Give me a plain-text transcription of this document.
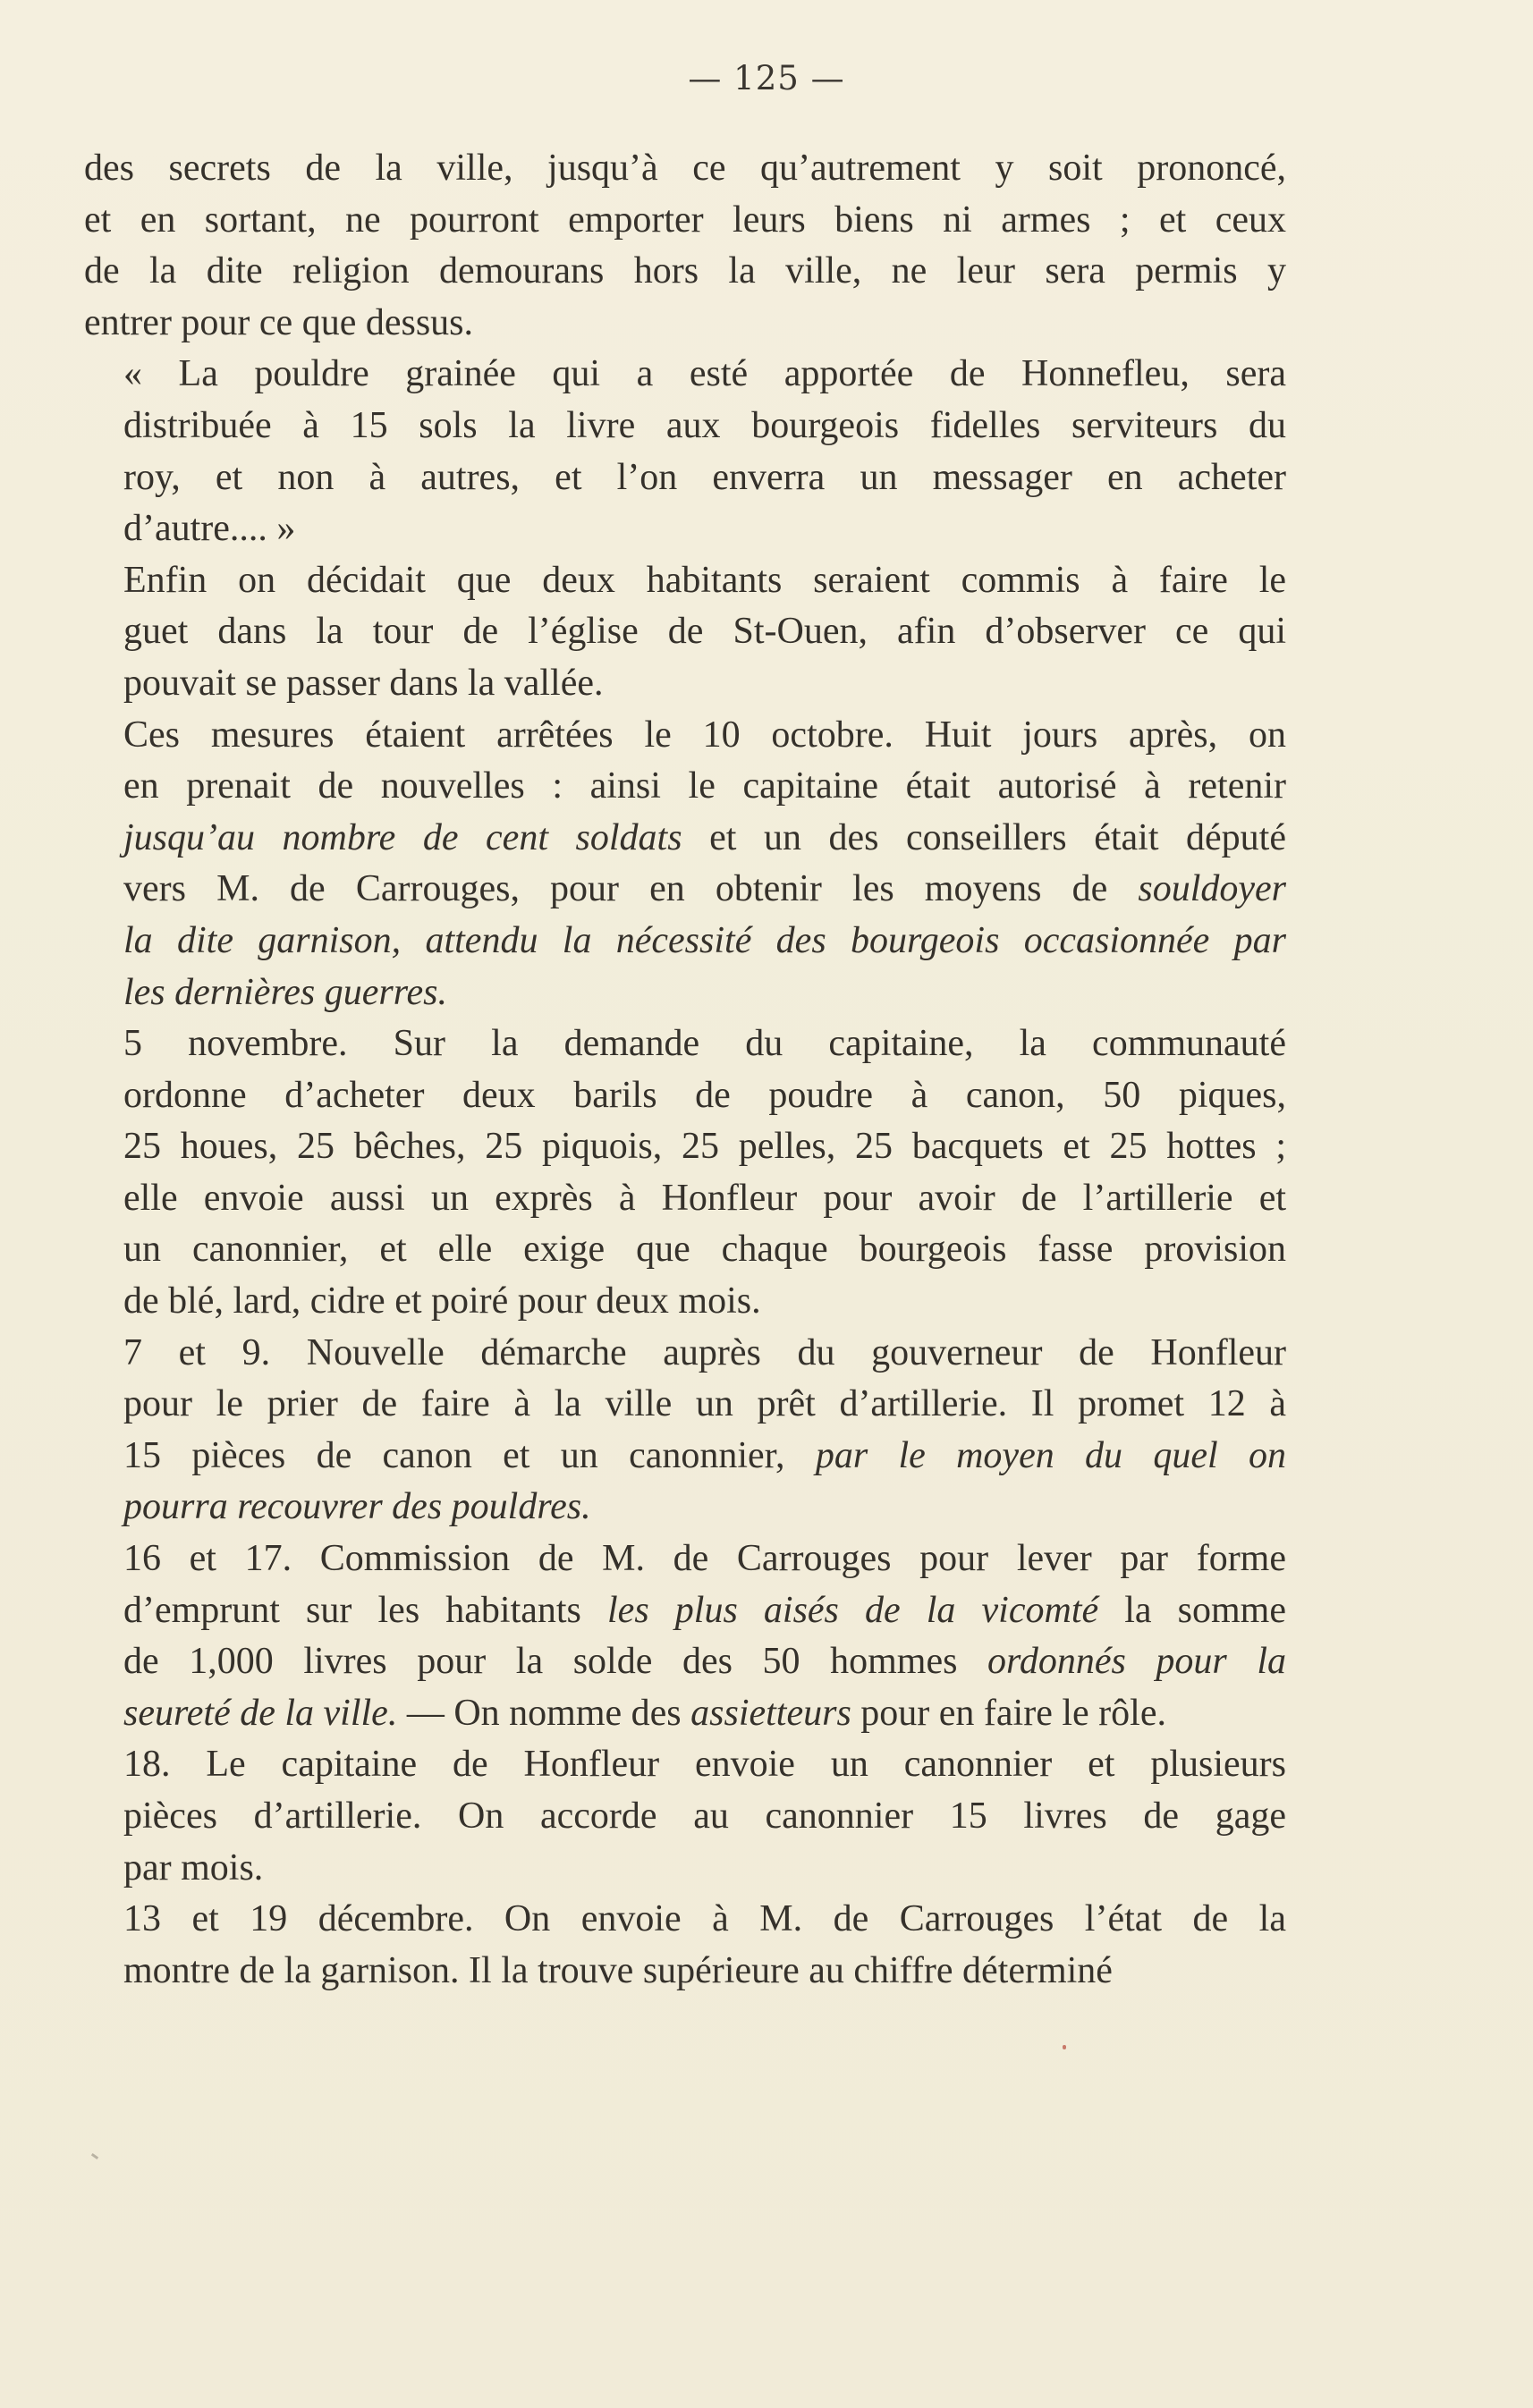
— 125 —
des secrets de la ville, jusqu’à ce qu’autrement y soit prononcé,
et en sortant, ne pourront emporter leurs biens ni armes ; et ceux
de la dite religion demourans hors la ville, ne leur sera permis y
entrer pour ce que dessus.
« La pouldre grainée qui a esté apportée de Honnefleu, sera
distribuée à 15 sols la livre aux bourgeois fidelles serviteurs du
roy, et non à autres, et l’on enverra un messager en acheter
d’autre.... »
Enfin on décidait que deux habitants seraient commis à faire le
guet dans la tour de l’église de St-Ouen, afin d’observer ce qui
pouvait se passer dans la vallée.
Ces mesures étaient arrêtées le 10 octobre. Huit jours après, on
en prenait de nouvelles : ainsi le capitaine était autorisé à retenir
jusqu’au nombre de cent soldats et un des conseillers était député
vers M. de Carrouges, pour en obtenir les moyens de souldoyer
la dite garnison, attendu la nécessité des bourgeois occasionnée par
les dernières guerres.
5 novembre. Sur la demande du capitaine, la communauté
ordonne d’acheter deux barils de poudre à canon, 50 piques,
25 houes, 25 bêches, 25 piquois, 25 pelles, 25 bacquets et 25 hottes ;
elle envoie aussi un exprès à Honfleur pour avoir de l’artillerie et
un canonnier, et elle exige que chaque bourgeois fasse provision
de blé, lard, cidre et poiré pour deux mois.
7 et 9. Nouvelle démarche auprès du gouverneur de Honfleur
pour le prier de faire à la ville un prêt d’artillerie. Il promet 12 à
15 pièces de canon et un canonnier, par le moyen du quel on
pourra recouvrer des pouldres.
16 et 17. Commission de M. de Carrouges pour lever par forme
d’emprunt sur les habitants les plus aisés de la vicomté la somme
de 1,000 livres pour la solde des 50 hommes ordonnés pour la
seureté de la ville. — On nomme des assietteurs pour en faire le rôle.
18. Le capitaine de Honfleur envoie un canonnier et plusieurs
pièces d’artillerie. On accorde au canonnier 15 livres de gage
par mois.
13 et 19 décembre. On envoie à M. de Carrouges l’état de la
montre de la garnison. Il la trouve supérieure au chiffre déterminé
